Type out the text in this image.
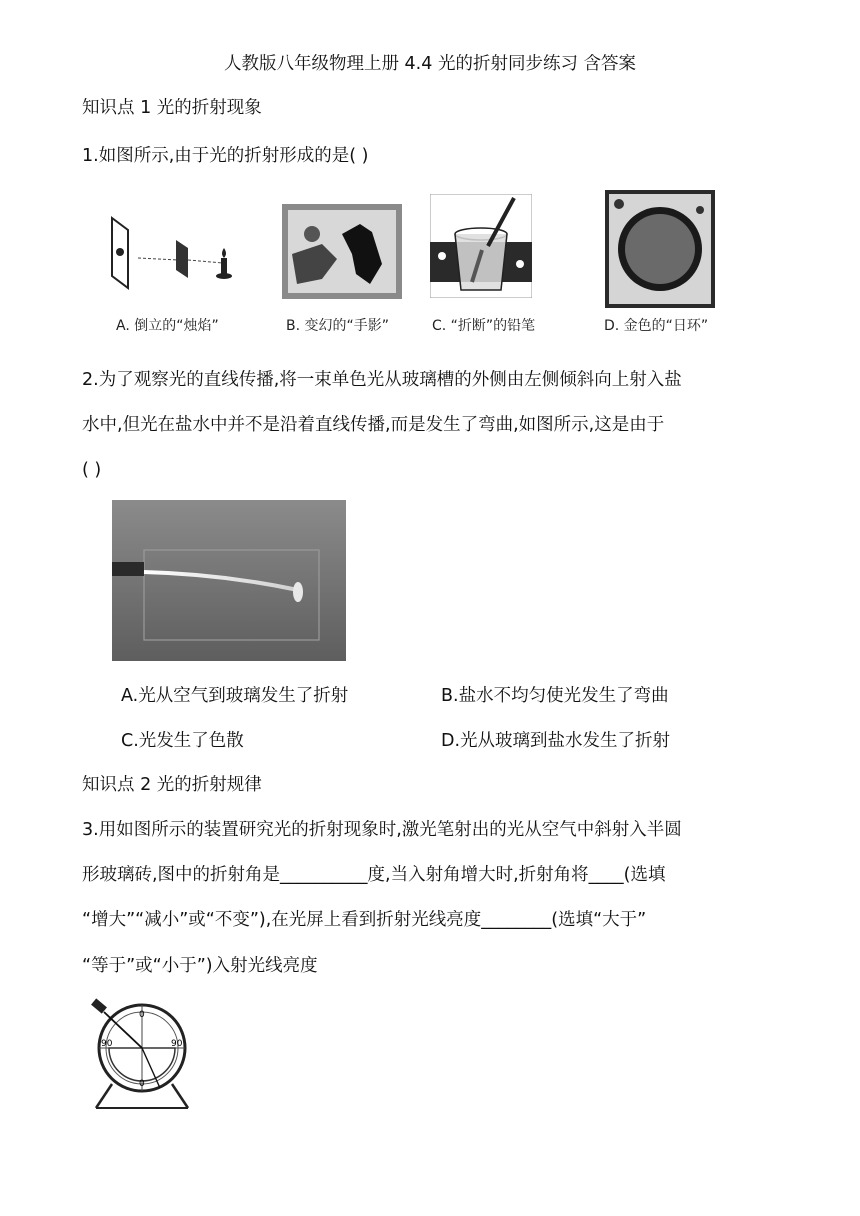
人教版八年级物理上册 4.4 光的折射同步练习 含答案
知识点 1 光的折射现象
1.如图所示,由于光的折射形成的是( )
A. 倒立的“烛焰”	B. 变幻的“手影”	C. “折断”的铅笔	D. 金色的“日环”
2.为了观察光的直线传播,将一束单色光从玻璃槽的外侧由左侧倾斜向上射入盐
水中,但光在盐水中并不是沿着直线传播,而是发生了弯曲,如图所示,这是由于
( )
A.光从空气到玻璃发生了折射	B.盐水不均匀使光发生了弯曲
C.光发生了色散	D.光从玻璃到盐水发生了折射
知识点 2 光的折射规律
3.用如图所示的装置研究光的折射现象时,激光笔射出的光从空气中斜射入半圆
形玻璃砖,图中的折射角是__________度,当入射角增大时,折射角将____(选填
“增大”“减小”或“不变”),在光屏上看到折射光线亮度________(选填“大于”
“等于”或“小于”)入射光线亮度
0
90	90
0
